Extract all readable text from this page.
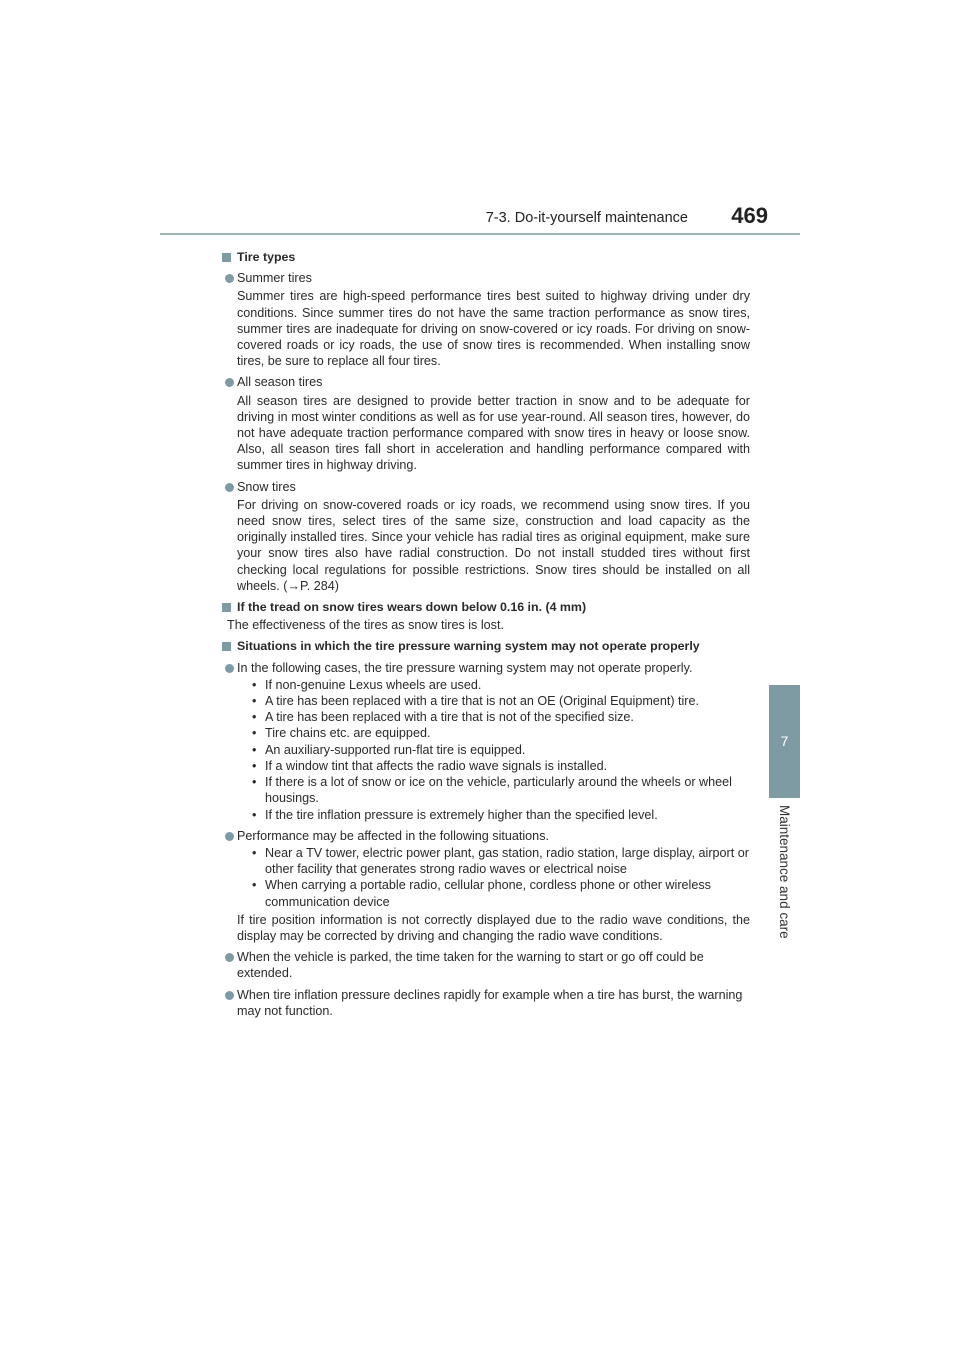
7-3. Do-it-yourself maintenance 469
7
Maintenance and care
Tire types
Summer tires
Summer tires are high-speed performance tires best suited to highway driving under dry conditions. Since summer tires do not have the same traction performance as snow tires, summer tires are inadequate for driving on snow-covered or icy roads. For driving on snow-covered roads or icy roads, the use of snow tires is recommended. When installing snow tires, be sure to replace all four tires.
All season tires
All season tires are designed to provide better traction in snow and to be adequate for driving in most winter conditions as well as for use year-round. All season tires, however, do not have adequate traction performance compared with snow tires in heavy or loose snow. Also, all season tires fall short in acceleration and handling performance compared with summer tires in highway driving.
Snow tires
For driving on snow-covered roads or icy roads, we recommend using snow tires. If you need snow tires, select tires of the same size, construction and load capacity as the originally installed tires. Since your vehicle has radial tires as original equipment, make sure your snow tires also have radial construction. Do not install studded tires without first checking local regulations for possible restrictions. Snow tires should be installed on all wheels. (→P. 284)
If the tread on snow tires wears down below 0.16 in. (4 mm)
The effectiveness of the tires as snow tires is lost.
Situations in which the tire pressure warning system may not operate properly
In the following cases, the tire pressure warning system may not operate properly.
• If non-genuine Lexus wheels are used.
• A tire has been replaced with a tire that is not an OE (Original Equipment) tire.
• A tire has been replaced with a tire that is not of the specified size.
• Tire chains etc. are equipped.
• An auxiliary-supported run-flat tire is equipped.
• If a window tint that affects the radio wave signals is installed.
• If there is a lot of snow or ice on the vehicle, particularly around the wheels or wheel housings.
• If the tire inflation pressure is extremely higher than the specified level.
Performance may be affected in the following situations.
• Near a TV tower, electric power plant, gas station, radio station, large display, airport or other facility that generates strong radio waves or electrical noise
• When carrying a portable radio, cellular phone, cordless phone or other wireless communication device
If tire position information is not correctly displayed due to the radio wave conditions, the display may be corrected by driving and changing the radio wave conditions.
When the vehicle is parked, the time taken for the warning to start or go off could be extended.
When tire inflation pressure declines rapidly for example when a tire has burst, the warning may not function.
